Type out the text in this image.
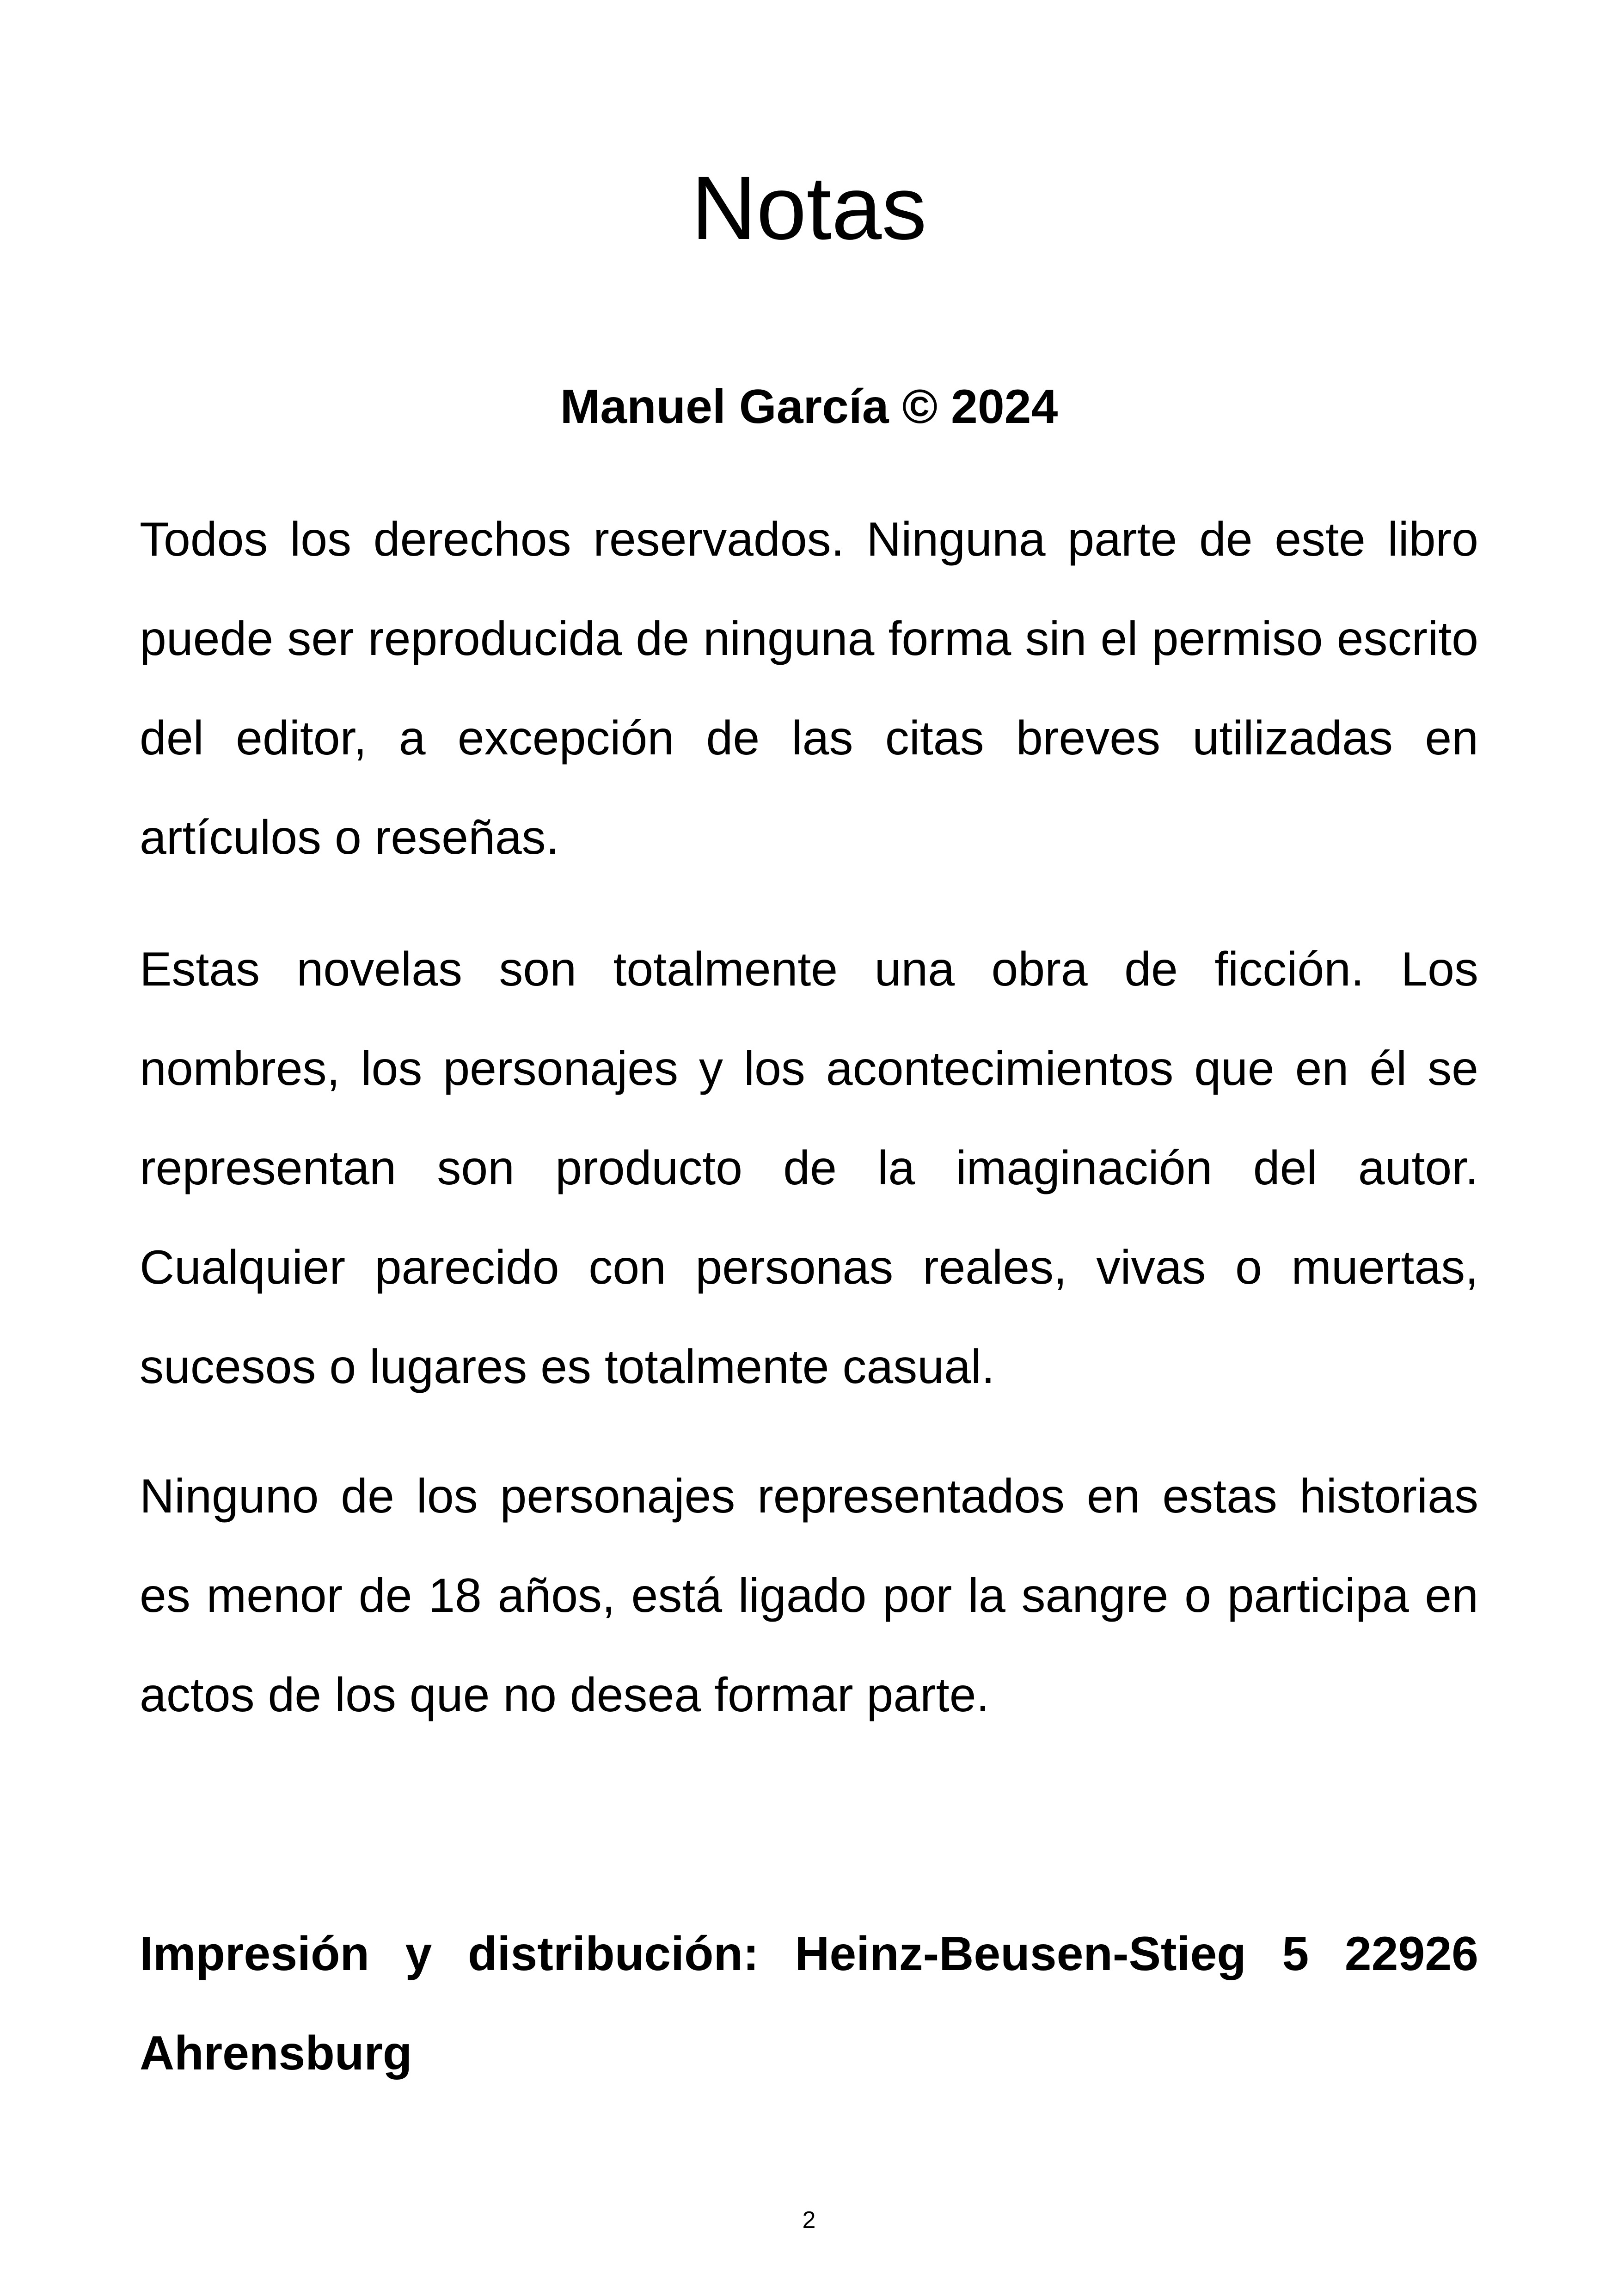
Notas
Manuel García © 2024

Todos los derechos reservados. Ninguna parte de este libro puede ser reproducida de ninguna forma sin el permiso escrito del editor, a excepción de las citas breves utilizadas en artículos o reseñas.

Estas novelas son totalmente una obra de ficción. Los nombres, los personajes y los acontecimientos que en él se representan son producto de la imaginación del autor. Cualquier parecido con personas reales, vivas o muertas, sucesos o lugares es totalmente casual.

Ninguno de los personajes representados en estas historias es menor de 18 años, está ligado por la sangre o participa en actos de los que no desea formar parte.

Impresión y distribución: Heinz-Beusen-Stieg 5 22926 Ahrensburg

2
